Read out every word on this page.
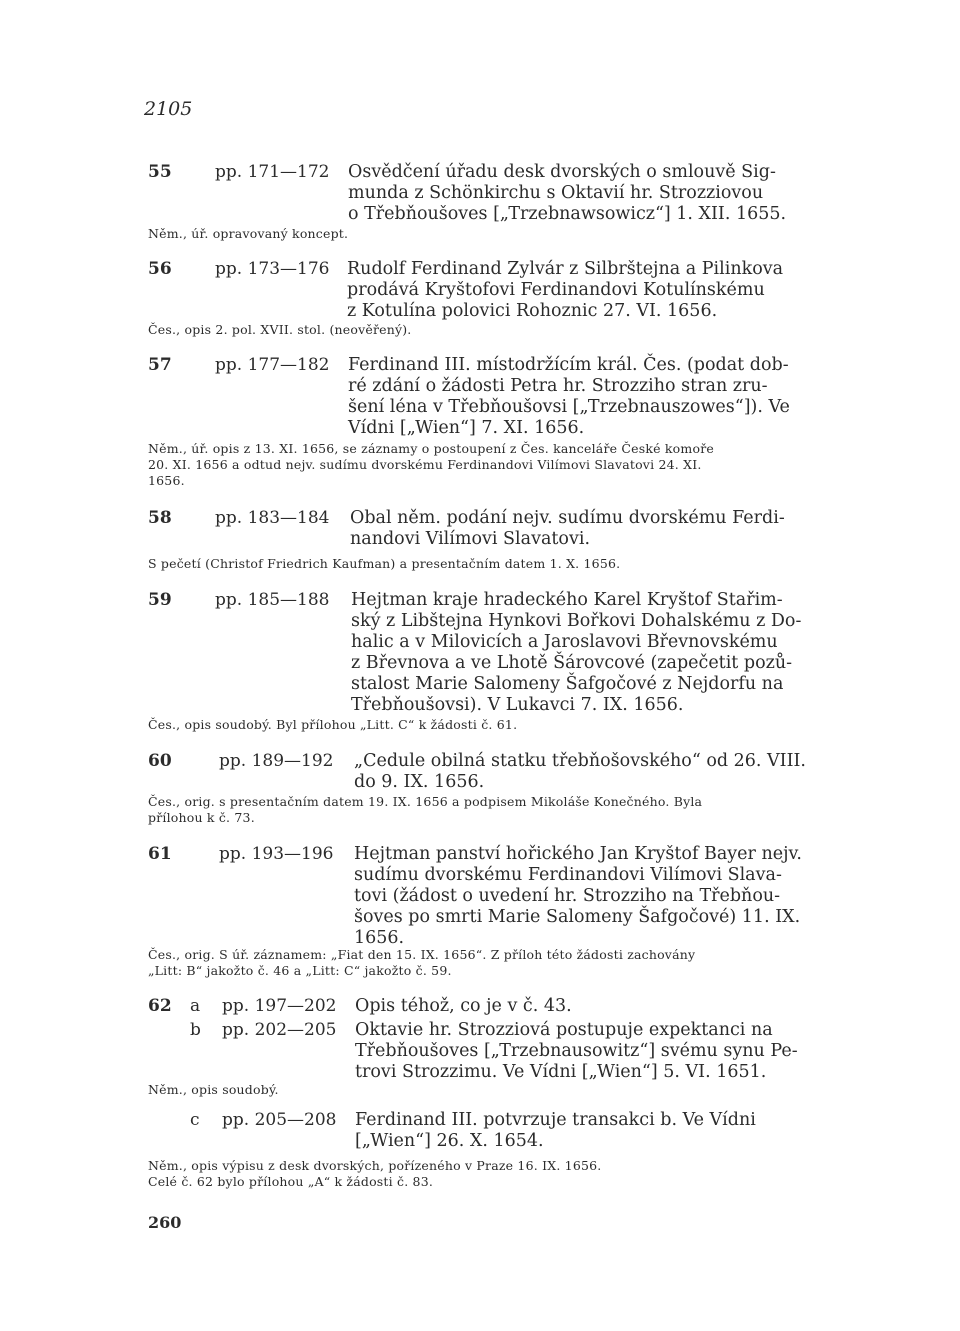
2105
55	pp. 171—172 Osvědčení úřadu desk dvorských o smlouvě Sig-
munda z Schönkirchu s Oktavií hr. Strozziovou
o Třebňoušoves [„Trzebnawsowicz“] 1. XII. 1655.
Něm., úř. opravovaný koncept.
56	pp. 173—176 Rudolf Ferdinand Zylvár z Silbrštejna a Pilinkova
prodává Kryštofovi Ferdinandovi Kotulínskému
z Kotulína polovici Rohoznic 27. VI. 1656.
Čes., opis 2. pol. XVII. stol. (neověřený).
57	pp. 177—182 Ferdinand III. místodržícím král. Čes. (podat dob-
ré zdání o žádosti Petra hr. Strozziho stran zru-
šení léna v Třebňoušovsi [„Trzebnauszowes“]). Ve
Vídni [„Wien“] 7. XI. 1656.
Něm., úř. opis z 13. XI. 1656, se záznamy o postoupení z Čes. kanceláře České komoře
20. XI. 1656 a odtud nejv. sudímu dvorskému Ferdinandovi Vilímovi Slavatovi 24. XI.
1656.
58	pp. 183—184 Obal něm. podání nejv. sudímu dvorskému Ferdi-
nandovi Vilímovi Slavatovi.
S pečetí (Christof Friedrich Kaufman) a presentačním datem 1. X. 1656.
59	pp. 185—188 Hejtman kraje hradeckého Karel Kryštof Stařim-
ský z Libštejna Hynkovi Bořkovi Dohalskému z Do-
halic a v Milovicích a Jaroslavovi Břevnovskému
z Břevnova a ve Lhotě Šárovcové (zapečetit pozů-
stalost Marie Salomeny Šafgočové z Nejdorfu na
Třebňoušovsi). V Lukavci 7. IX. 1656.
Čes., opis soudobý. Byl přílohou „Litt. C“ k žádosti č. 61.
60	pp. 189—192 „Cedule obilná statku třebňošovského“ od 26. VIII.
do 9. IX. 1656.
Čes., orig. s presentačním datem 19. IX. 1656 a podpisem Mikoláše Konečného. Byla
přílohou k č. 73.
61	pp. 193—196 Hejtman panství hořického Jan Kryštof Bayer nejv.
sudímu dvorskému Ferdinandovi Vilímovi Slava-
tovi (žádost o uvedení hr. Strozziho na Třebňou-
šoves po smrti Marie Salomeny Šafgočové) 11. IX.
1656.
Čes., orig. S úř. záznamem: „Fiat den 15. IX. 1656“. Z příloh této žádosti zachovány
„Litt: B“ jakožto č. 46 a „Litt: C“ jakožto č. 59.
62 a pp. 197—202 Opis téhož, co je v č. 43.
b pp. 202—205 Oktavie hr. Strozziová postupuje expektanci na
Třebňoušoves [„Trzebnausowitz“] svému synu Pe-
trovi Strozzimu. Ve Vídni [„Wien“] 5. VI. 1651.
Něm., opis soudobý.
c pp. 205—208 Ferdinand III. potvrzuje transakci b. Ve Vídni
[„Wien“] 26. X. 1654.
Něm., opis výpisu z desk dvorských, pořízeného v Praze 16. IX. 1656.
Celé č. 62 bylo přílohou „A“ k žádosti č. 83.
260
